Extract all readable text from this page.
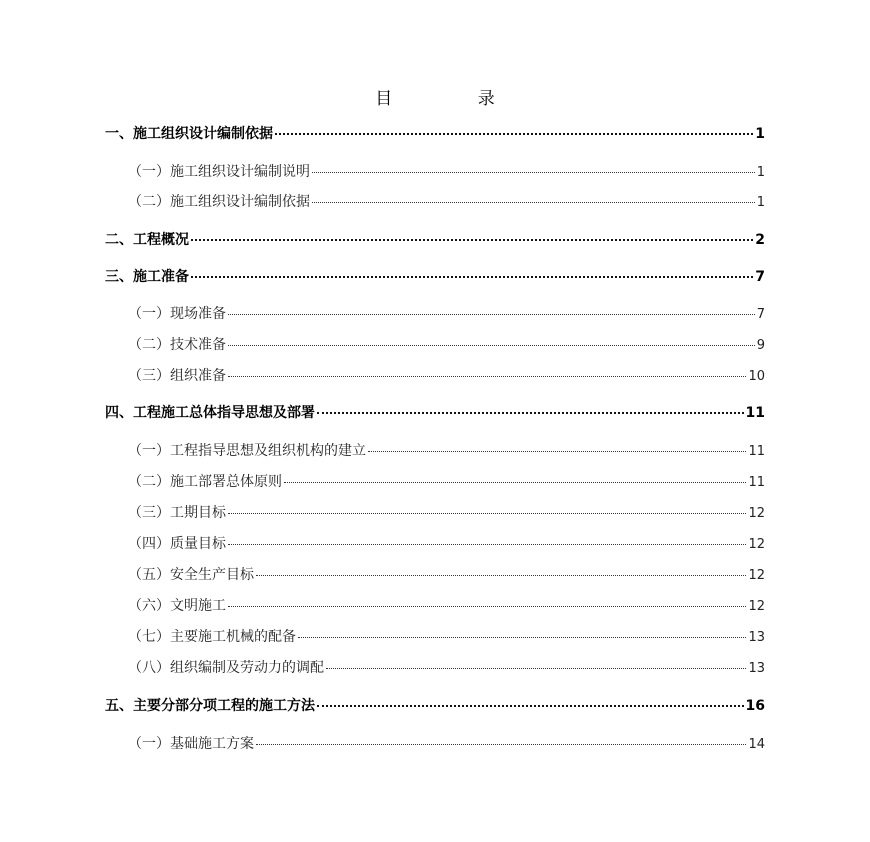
目 录
一、施工组织设计编制依据	1
（一）施工组织设计编制说明	1
（二）施工组织设计编制依据	1
二、工程概况	2
三、施工准备	7
（一）现场准备	7
（二）技术准备	9
（三）组织准备	10
四、工程施工总体指导思想及部署	11
（一）工程指导思想及组织机构的建立	11
（二）施工部署总体原则	11
（三）工期目标	12
（四）质量目标	12
（五）安全生产目标	12
（六）文明施工	12
（七）主要施工机械的配备	13
（八）组织编制及劳动力的调配	13
五、主要分部分项工程的施工方法	16
（一）基础施工方案	14
